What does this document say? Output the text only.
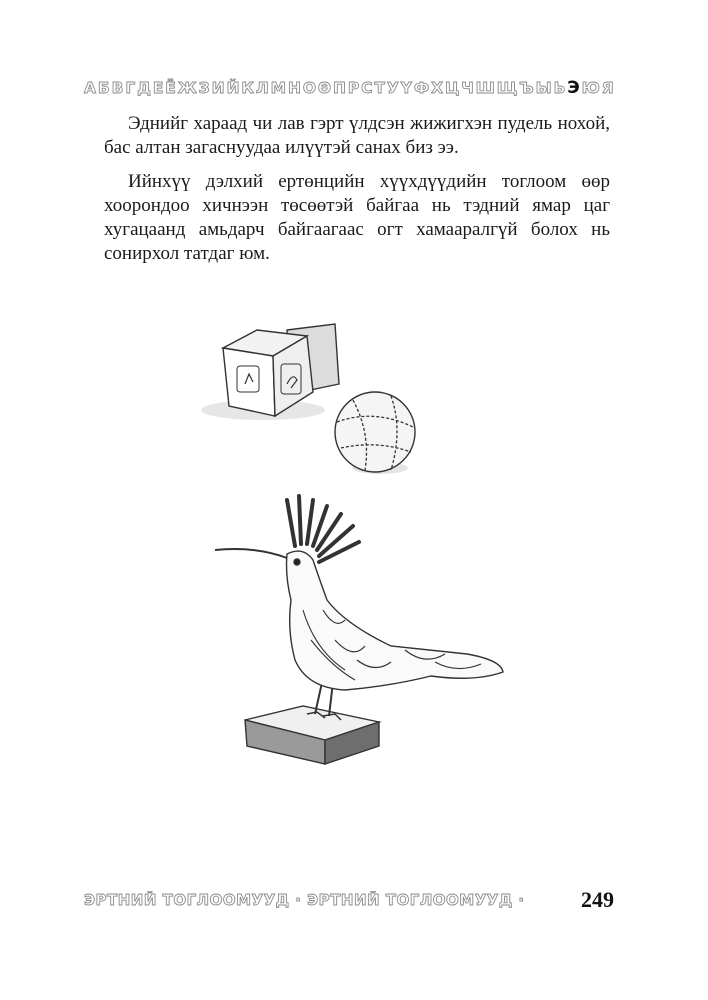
А Б В Г Д Е Ё Ж З И Й К Л М Н О Ө П Р С Т У Ү Ф Х Ц Ч Ш Щ Ъ Ы Ь Э Ю Я

Эднийг хараад чи лав гэрт үлдсэн жижигхэн пудель нохой, бас алтан загаснуудаа илүүтэй санах биз ээ.

Ийнхүү дэлхий ертөнцийн хүүхдүүдийн тоглоом өөр хоорондоо хичнээн төсөөтэй байгаа нь тэдний ямар цаг хугацаанд амьдарч байгаагаас огт хамааралгүй болох нь сонирхол татдаг юм.

ЭРТНИЙ ТОГЛООМУУД · ЭРТНИЙ ТОГЛООМУУД ·	249
